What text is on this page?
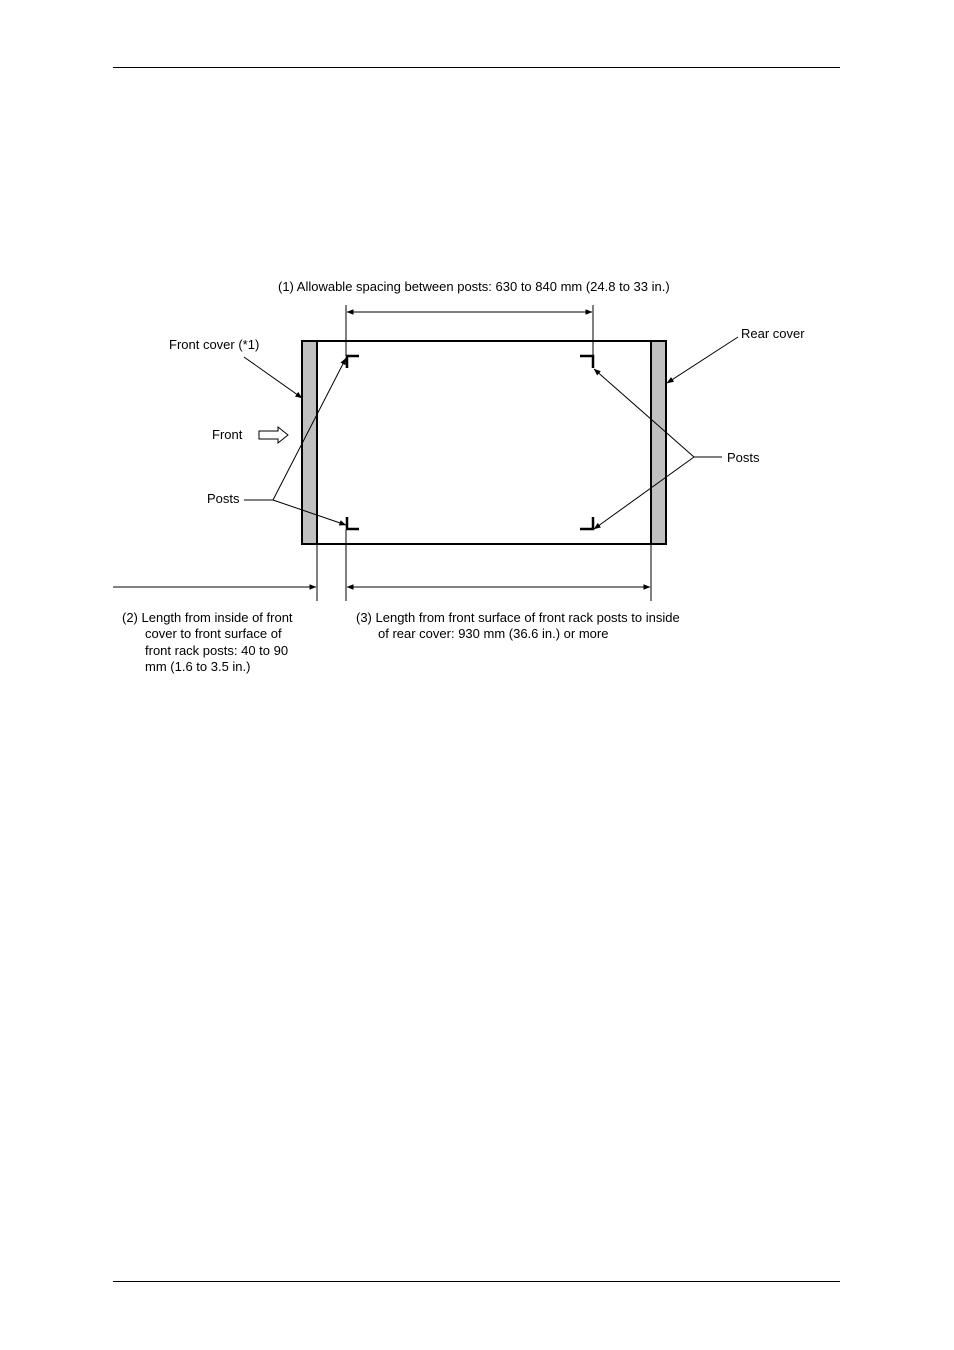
(1) Allowable spacing between posts: 630 to 840 mm (24.8 to 33 in.)
Front cover (*1)
Rear cover
Front
Posts
Posts
(2) Length from inside of front
cover to front surface of
front rack posts: 40 to 90
mm (1.6 to 3.5 in.)
(3) Length from front surface of front rack posts to inside
of rear cover: 930 mm (36.6 in.) or more
